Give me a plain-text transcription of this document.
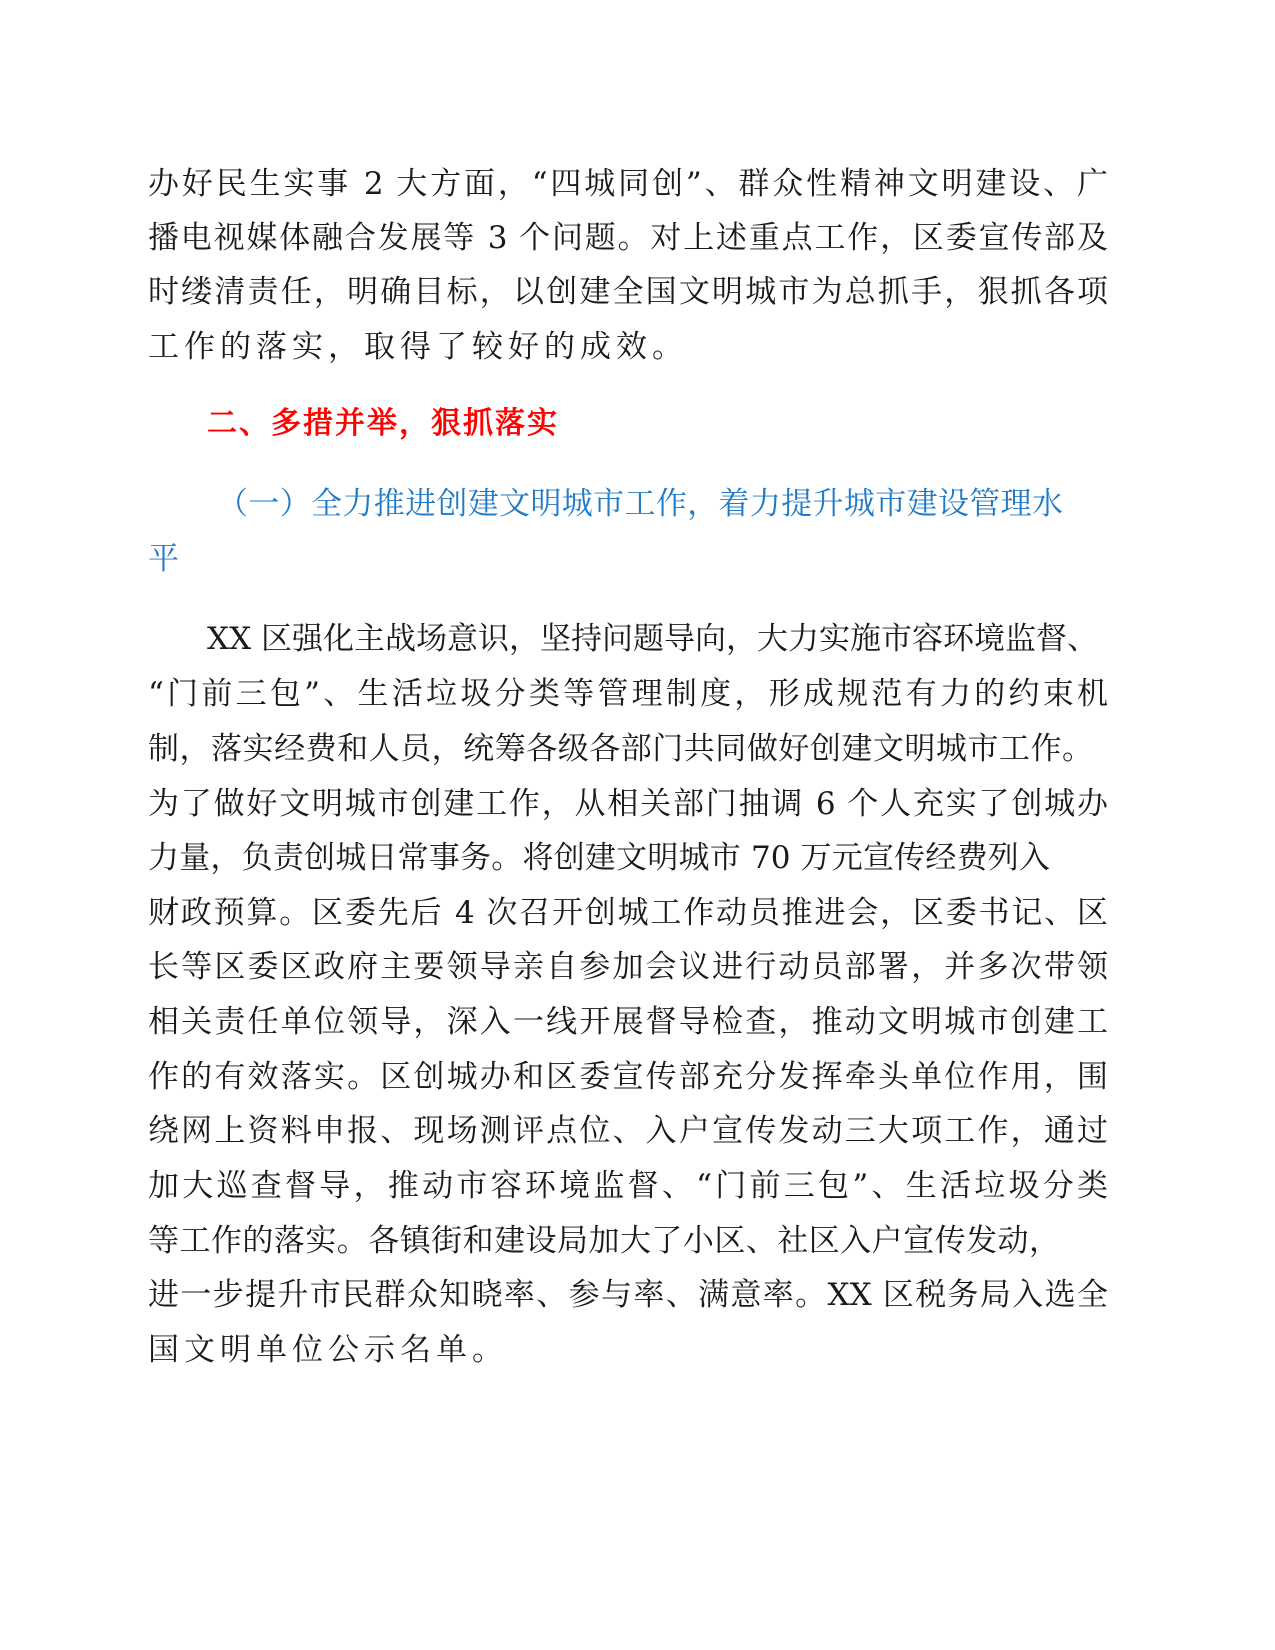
办好民生实事 2 大方面，“四城同创”、群众性精神文明建设、广
播电视媒体融合发展等 3 个问题。对上述重点工作，区委宣传部及
时缕清责任，明确目标，以创建全国文明城市为总抓手，狠抓各项
工作的落实，取得了较好的成效。
二、多措并举，狠抓落实
（一）全力推进创建文明城市工作，着力提升城市建设管理水
平
XX 区强化主战场意识，坚持问题导向，大力实施市容环境监督、
“门前三包”、生活垃圾分类等管理制度，形成规范有力的约束机
制，落实经费和人员，统筹各级各部门共同做好创建文明城市工作。
为了做好文明城市创建工作，从相关部门抽调 6 个人充实了创城办
力量，负责创城日常事务。将创建文明城市 70 万元宣传经费列入
财政预算。区委先后 4 次召开创城工作动员推进会，区委书记、区
长等区委区政府主要领导亲自参加会议进行动员部署，并多次带领
相关责任单位领导，深入一线开展督导检查，推动文明城市创建工
作的有效落实。区创城办和区委宣传部充分发挥牵头单位作用，围
绕网上资料申报、现场测评点位、入户宣传发动三大项工作，通过
加大巡查督导，推动市容环境监督、“门前三包”、生活垃圾分类
等工作的落实。各镇街和建设局加大了小区、社区入户宣传发动，
进一步提升市民群众知晓率、参与率、满意率。XX 区税务局入选全
国文明单位公示名单。
